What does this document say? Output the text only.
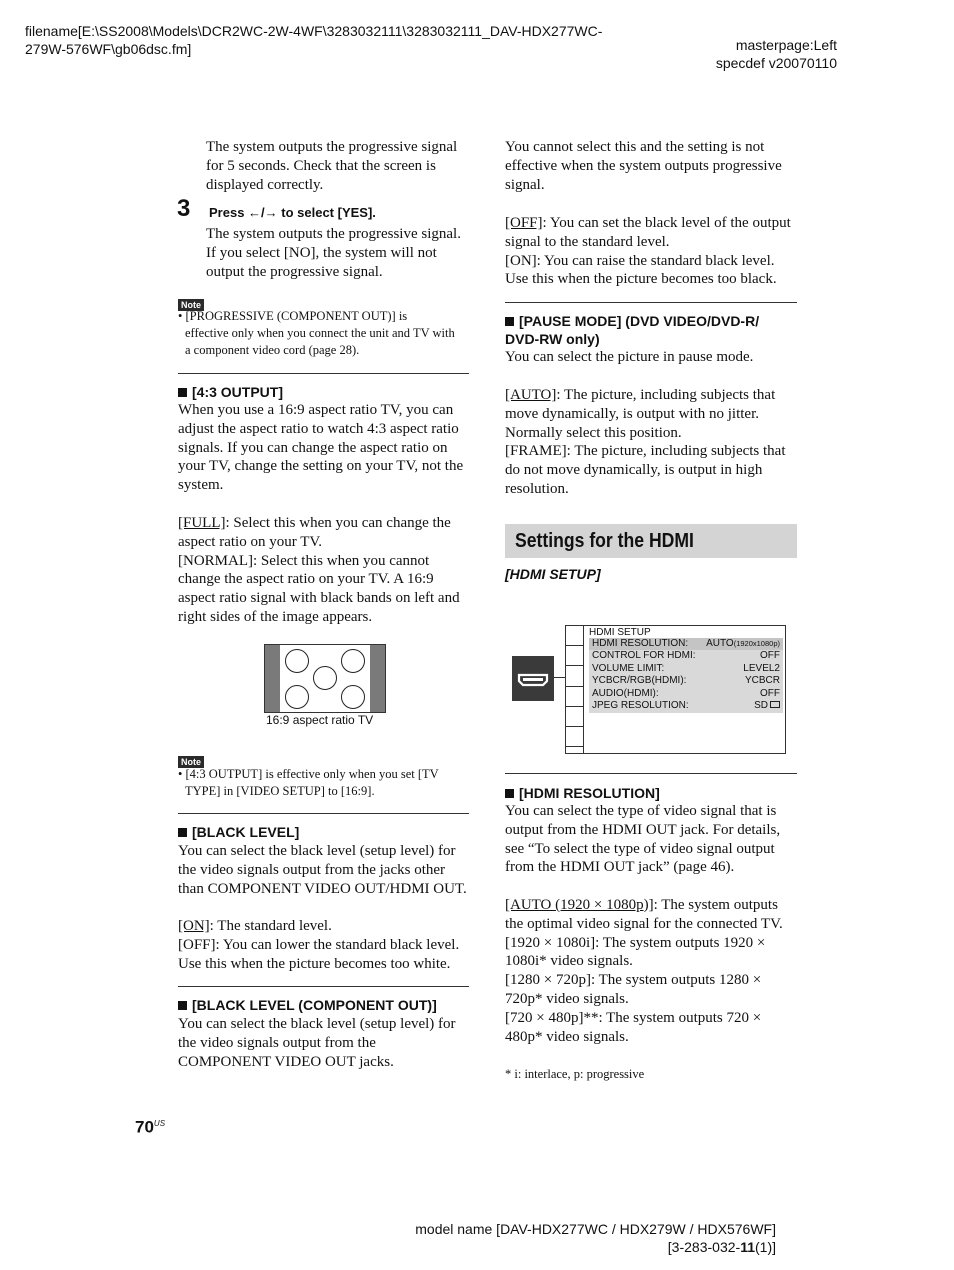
filename[E:\SS2008\Models\DCR2WC-2W-4WF\3283032111\3283032111_DAV-HDX277WC-
279W-576WF\gb06dsc.fm]	masterpage:Left
specdef v20070110
The system outputs the progressive signal
for 5 seconds. Check that the screen is
displayed correctly.
3 Press ←/→ to select [YES].
The system outputs the progressive signal.
If you select [NO], the system will not
output the progressive signal.
Note
• [PROGRESSIVE (COMPONENT OUT)] is
effective only when you connect the unit and TV with
a component video cord (page 28).
[4:3 OUTPUT]
When you use a 16:9 aspect ratio TV, you can
adjust the aspect ratio to watch 4:3 aspect ratio
signals. If you can change the aspect ratio on
your TV, change the setting on your TV, not the
system.
[FULL]: Select this when you can change the
aspect ratio on your TV.
[NORMAL]: Select this when you cannot
change the aspect ratio on your TV. A 16:9
aspect ratio signal with black bands on left and
right sides of the image appears.
16:9 aspect ratio TV
Note
• [4:3 OUTPUT] is effective only when you set [TV
TYPE] in [VIDEO SETUP] to [16:9].
[BLACK LEVEL]
You can select the black level (setup level) for
the video signals output from the jacks other
than COMPONENT VIDEO OUT/HDMI OUT.
[ON]: The standard level.
[OFF]: You can lower the standard black level.
Use this when the picture becomes too white.
[BLACK LEVEL (COMPONENT OUT)]
You can select the black level (setup level) for
the video signals output from the
COMPONENT VIDEO OUT jacks.
You cannot select this and the setting is not
effective when the system outputs progressive
signal.
[OFF]: You can set the black level of the output
signal to the standard level.
[ON]: You can raise the standard black level.
Use this when the picture becomes too black.
[PAUSE MODE] (DVD VIDEO/DVD-R/
DVD-RW only)
You can select the picture in pause mode.
[AUTO]: The picture, including subjects that
move dynamically, is output with no jitter.
Normally select this position.
[FRAME]: The picture, including subjects that
do not move dynamically, is output in high
resolution.
Settings for the HDMI
[HDMI SETUP]
HDMI SETUP
HDMI RESOLUTION: AUTO(1920x1080p)
CONTROL FOR HDMI:	OFF
VOLUME LIMIT:	LEVEL2
YCBCR/RGB(HDMI):	YCBCR
AUDIO(HDMI):	OFF
JPEG RESOLUTION:	SD
[HDMI RESOLUTION]
You can select the type of video signal that is
output from the HDMI OUT jack. For details,
see “To select the type of video signal output
from the HDMI OUT jack” (page 46).
[AUTO (1920 × 1080p)]: The system outputs
the optimal video signal for the connected TV.
[1920 × 1080i]: The system outputs 1920 ×
1080i* video signals.
[1280 × 720p]: The system outputs 1280 ×
720p* video signals.
[720 × 480p]**: The system outputs 720 ×
480p* video signals.
* i: interlace, p: progressive
$70^{US}$
model name [DAV-HDX277WC / HDX279W / HDX576WF]
[3-283-032-11(1)]
